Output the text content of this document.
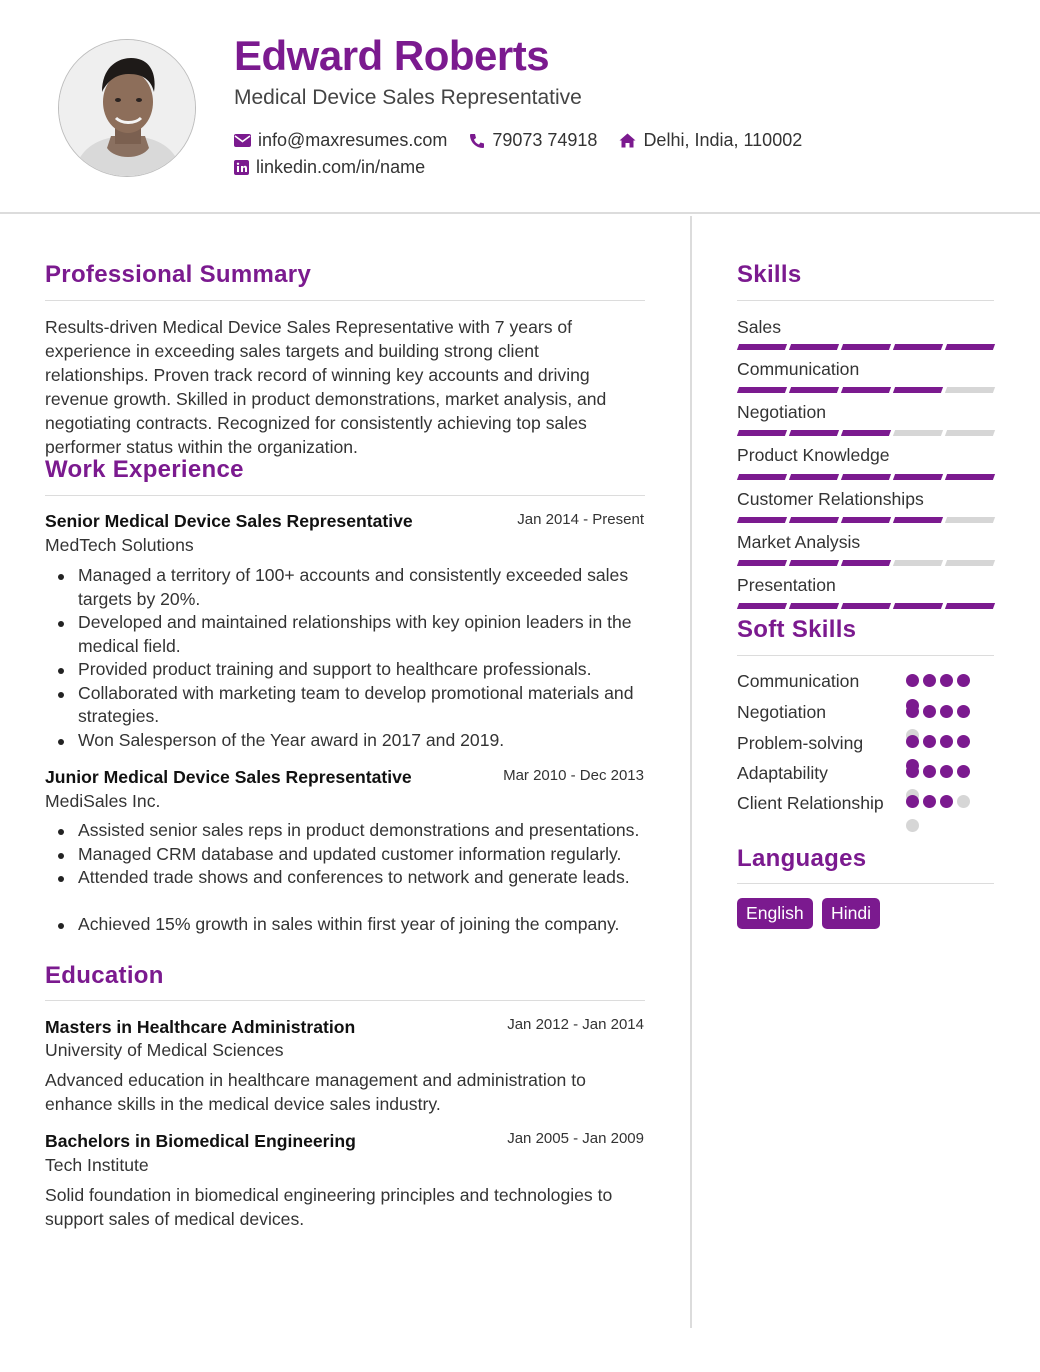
Edward Roberts
Medical Device Sales Representative
info@maxresumes.com	79073 74918	Delhi, India, 110002
linkedin.com/in/name
Professional Summary
Results-driven Medical Device Sales Representative with 7 years of experience in exceeding sales targets and building strong client relationships. Proven track record of winning key accounts and driving revenue growth. Skilled in product demonstrations, market analysis, and negotiating contracts. Recognized for consistently achieving top sales performer status within the organization.
Work Experience
Senior Medical Device Sales Representative	Jan 2014 - Present
MedTech Solutions
Managed a territory of 100+ accounts and consistently exceeded sales targets by 20%.
Developed and maintained relationships with key opinion leaders in the medical field.
Provided product training and support to healthcare professionals.
Collaborated with marketing team to develop promotional materials and strategies.
Won Salesperson of the Year award in 2017 and 2019.
Junior Medical Device Sales Representative	Mar 2010 - Dec 2013
MediSales Inc.
Assisted senior sales reps in product demonstrations and presentations.
Managed CRM database and updated customer information regularly.
Attended trade shows and conferences to network and generate leads.
Achieved 15% growth in sales within first year of joining the company.
Education
Masters in Healthcare Administration	Jan 2012 - Jan 2014
University of Medical Sciences
Advanced education in healthcare management and administration to enhance skills in the medical device sales industry.
Bachelors in Biomedical Engineering	Jan 2005 - Jan 2009
Tech Institute
Solid foundation in biomedical engineering principles and technologies to support sales of medical devices.
Skills
Sales
Communication
Negotiation
Product Knowledge
Customer Relationships
Market Analysis
Presentation
Soft Skills
Communication
Negotiation
Problem-solving
Adaptability
Client Relationship
Languages
English	Hindi
